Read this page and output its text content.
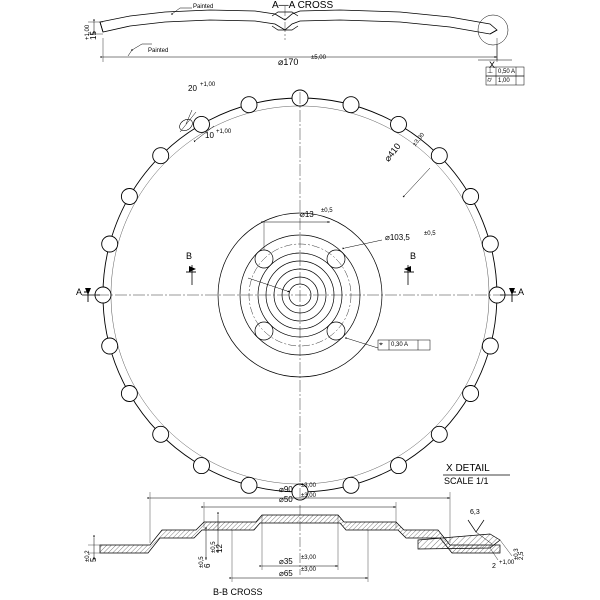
A—A CROSS
Painted
Painted
⌀170 ±5,00
15
+1,00
X
⊥ 0,50 A
⌭ 1,00
20 +1,00
10 +1,00
⌀410
±3,00
⌀13 ±0,5
⌀103,5 ±0,5
A	A
B	B
⌖ 0,30 A
⌀90 ±3,00
⌀50 ±3,00
⌀35 ±3,00
⌀65 ±3,00
5
±0,2
6
±0,5
12
±0,5
B-B CROSS
X DETAIL
SCALE 1/1
6,3
2 +1,00
2,5
±0,3
